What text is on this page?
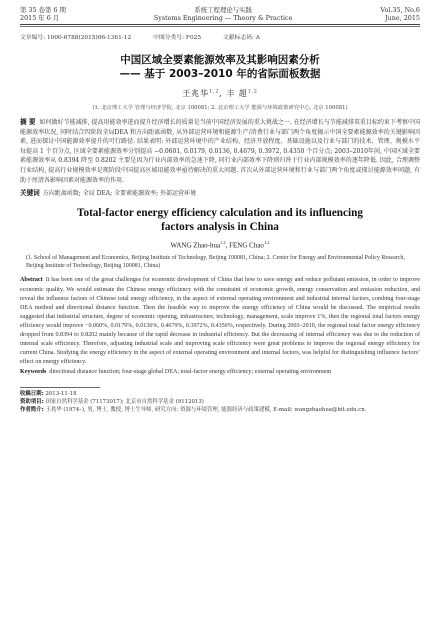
第 35 卷第 6 期
2015 年 6 月
系统工程理论与实践
Systems Engineering — Theory & Practice
Vol.35, No.6
June, 2015
文章编号: 1000-6788(2015)06-1361-12	中图分类号: F025	文献标志码: A
中国区域全要素能源效率及其影响因素分析
—— 基于 2003–2010 年的省际面板数据
王兆华$^{1,2}$, 丰 超$^{1,2}$
(1. 北京理工大学 管理与经济学院, 北京 100081; 2. 北京理工大学 能源与环境政策研究中心, 北京 100081)
摘 要 如何做好节能减排, 提高用能效率进而提升经济增长的质量是当前中国经济发展的重大挑战之一. 在经济增长与节能减排双重目标约束下考察中国能源效率状况, 同时结合四阶段全局DEA 和方向距离函数, 从外部运营环境和能源生产/消费行业与部门两个角度揭示中国全要素能源效率的关键影响因素, 进而探讨中国能源效率提升的可行路径. 结果表明: 外部运营环境中的产业结构、经济开放程度、基础设施以及行业与部门的技术、管理、规模水平每提高 1 个百分点, 区域全要素能源效率分别提高 −0.0601, 0.0179, 0.0136, 0.4679, 0.3972, 0.4350 个百分点; 2003–2010年间, 中国区域全要素能源效率从 0.8394 降至 0.8202 主要是因为行业内部效率的急速下降, 同行业内部效率下降则归咎于行业内部规模效率的逐年降低. 因此, 合理调整行业结构, 提高行业规模效率是现阶段中国提高区域用能效率亟待解决的重大问题. 首次从外部运营环境和行业与部门两个角度或探讨能源效率问题, 有助于厘清各影响因素对能源效率的作用.
关键词 方向距离函数; 全局 DEA; 全要素能源效率; 外部运营环境
Total-factor energy efficiency calculation and its influencing
factors analysis in China
WANG Zhao-hua$^{1,2}$, FENG Chao$^{1,2}$
(1. School of Management and Economics, Beijing Institute of Technology, Beijing 100081, China; 2. Center for Energy and Environmental Policy Research, Beijing Institute of Technology, Beijing 100081, China)
Abstract It has been one of the great challenges for economic development of China that how to save energy and reduce pollutant emission, in order to improve economic quality. We would estimate the Chinese energy efficiency with the constraint of economic growth, energy conservation and emission reduction, and reveal the influence factors of Chinese total energy efficiency, in the aspect of external operating environment and industrial internal factors, combing four-stage DEA method and directional distance function. Then the feasible way to improve the energy efficiency of China would be discussed. The empirical results suggested that industrial structure, degree of economic opening, infrastructure, technology, management, scale improve 1%, then the regional total factors energy efficiency would improve −0.060%, 0.0179%, 0.0136%, 0.4679%, 0.3972%, 0.4350%, respectively. During 2003–2010, the regional total factor energy efficiency dropped from 0.8394 to 0.8202 mainly because of the rapid decrease in industrial efficiency. But the decreasing of internal efficiency was due to the reduction of internal scale efficiency. Therefore, adjusting industrial scale and improving scale efficiency were great problems to improve the regional energy efficiency for current China. Studying the energy efficiency in the aspect of external operating environment and internal factors, was helpful for distinguishing influence factors’ effect on energy efficiency.
Keywords directional distance function; four-stage global DEA; total-factor energy efficiency; external operating environment
收稿日期: 2013-11-18
资助项目: 国家自然科学基金 (71173017); 北京市自然科学基金 (9112013)
作者简介: 王兆华 (1974–), 男, 博士, 教授, 博士生导师, 研究方向: 资源与环境管理, 能源经济与政策建模, E-mail: wangzhaohua@bit.edu.cn.
